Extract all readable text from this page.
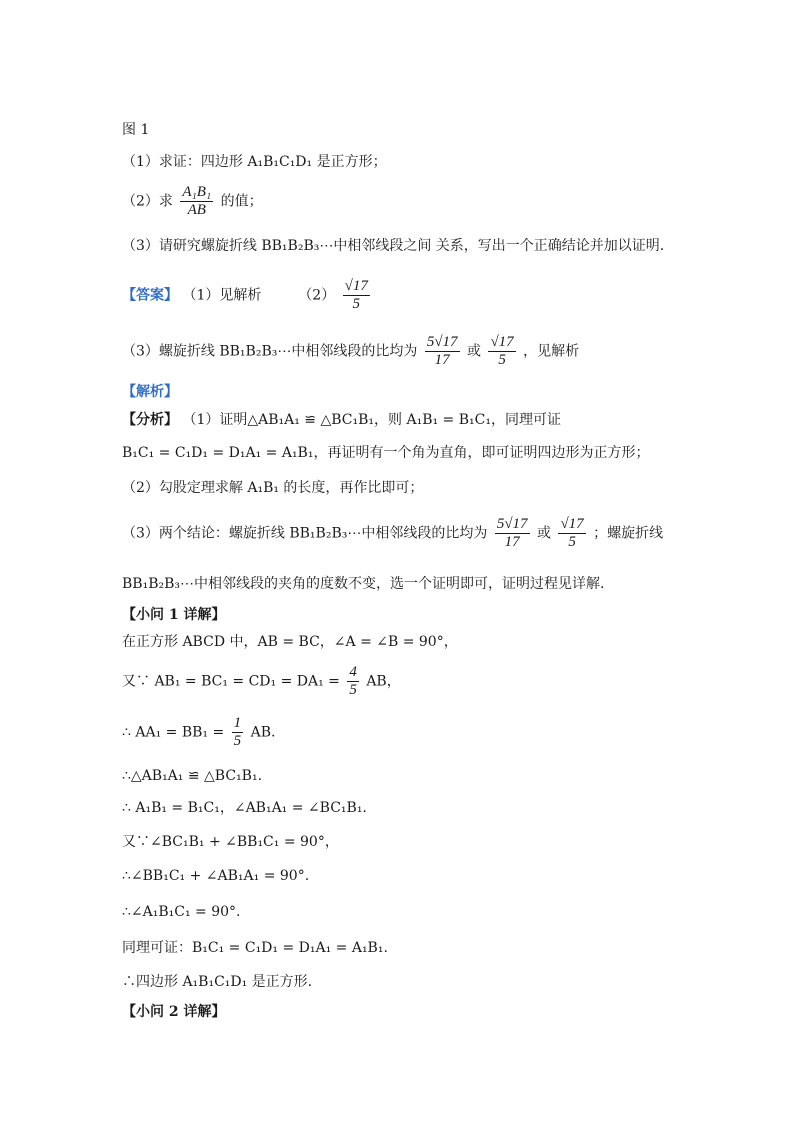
图 1
（1）求证：四边形 A₁B₁C₁D₁ 是正方形；
（2）求 $\frac{\text{A₁B₁}}{AB}$ 的值；
（3）请研究螺旋折线 BB₁B₂B₃⋯中相邻线段之间 关系，写出一个正确结论并加以证明.
【答案】 （1）见解析	$(2) \frac{√17}{5}$
（3）螺旋折线 BB₁B₂B₃⋯中相邻线段的比均为 $\frac{5√17}{17}$ 或 $\frac{√17}{5}$ ，见解析
【解析】
【分析】 （1）证明△AB₁A₁ ≌ △BC₁B₁，则 A₁B₁ = B₁C₁，同理可证
B₁C₁ = C₁D₁ = D₁A₁ = A₁B₁，再证明有一个角为直角，即可证明四边形为正方形；
（2）勾股定理求解 A₁B₁ 的长度，再作比即可；
（3）两个结论：螺旋折线 BB₁B₂B₃⋯中相邻线段的比均为 $\frac{5√17}{17}$ 或 $\frac{√17}{5}$ ；螺旋折线
BB₁B₂B₃⋯中相邻线段的夹角的度数不变，选一个证明即可，证明过程见详解.
【小问 1 详解】
在正方形 ABCD 中，AB = BC，∠A = ∠B = 90°，
又∵ $AB_1 = BC_1 = CD_1 = DA_1 = \frac{4}{5}$ AB，
∴ $AA_1 = BB_1 = \frac{1}{5}$ AB.
∴△AB₁A₁ ≌ △BC₁B₁.
∴ A₁B₁ = B₁C₁，∠AB₁A₁ = ∠BC₁B₁.
又∵∠BC₁B₁ + ∠BB₁C₁ = 90°，
∴∠BB₁C₁ + ∠AB₁A₁ = 90°.
∴∠A₁B₁C₁ = 90°.
同理可证：B₁C₁ = C₁D₁ = D₁A₁ = A₁B₁.
∴四边形 A₁B₁C₁D₁ 是正方形.
【小问 2 详解】
